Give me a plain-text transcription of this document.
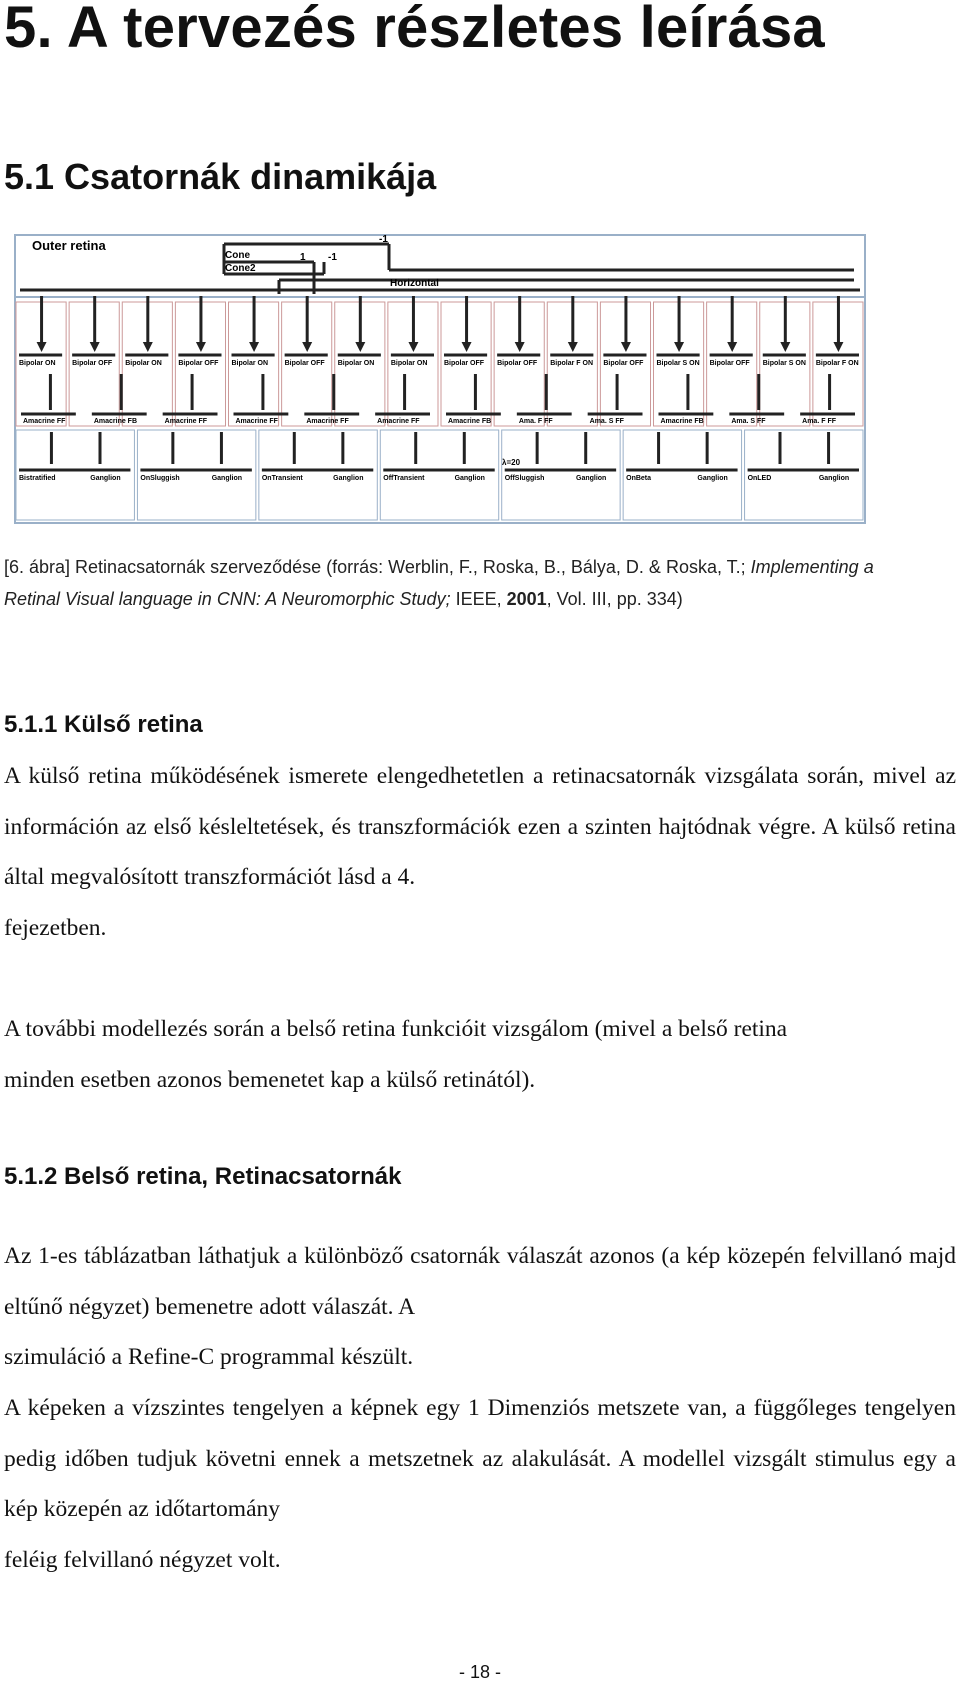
5. A tervezés részletes leírása
5.1 Csatornák dinamikája
Outer retina
Cone
Cone2
-1
1 -1
Horizontal
Bipolar ON Bipolar OFF Bipolar ON Bipolar OFF Bipolar ON Bipolar OFF Bipolar ON Bipolar ON Bipolar OFF Bipolar OFF Bipolar F ON Bipolar OFF Bipolar S ON Bipolar OFF Bipolar S ON Bipolar F ON
Amacrine FF	Amacrine FB	Amacrine FF	Amacrine FF	Amacrine FF	Amacrine FF	Amacrine FB	Ama. F FF	Ama. S FF	Amacrine FB	Ama. S FF	Ama. F FF
Bistratified	Ganglion	OnSluggish	Ganglion	OnTransient	Ganglion	OffTransient	Ganglion	OffSluggish	Ganglion	OnBeta	Ganglion	OnLED	Ganglion
λ=20
[6. ábra] Retinacsatornák szerveződése (forrás: Werblin, F., Roska, B., Bálya, D. & Roska, T.; Implementing a Retinal Visual language in CNN: A Neuromorphic Study; IEEE, 2001, Vol. III, pp. 334)
5.1.1 Külső retina
A külső retina működésének ismerete elengedhetetlen a retinacsatornák vizsgálata során, mivel az információn az első késleltetések, és transzformációk ezen a szinten hajtódnak végre. A külső retina által megvalósított transzformációt lásd a 4.
fejezetben.
A további modellezés során a belső retina funkcióit vizsgálom (mivel a belső retina
minden esetben azonos bemenetet kap a külső retinától).
5.1.2 Belső retina, Retinacsatornák
Az 1-es táblázatban láthatjuk a különböző csatornák válaszát azonos (a kép közepén felvillanó majd eltűnő négyzet) bemenetre adott válaszát. A
szimuláció a Refine-C programmal készült.
A képeken a vízszintes tengelyen a képnek egy 1 Dimenziós metszete van, a függőleges tengelyen pedig időben tudjuk követni ennek a metszetnek az alakulását. A modellel vizsgált stimulus egy a kép közepén az időtartomány
feléig felvillanó négyzet volt.
- 18 -
